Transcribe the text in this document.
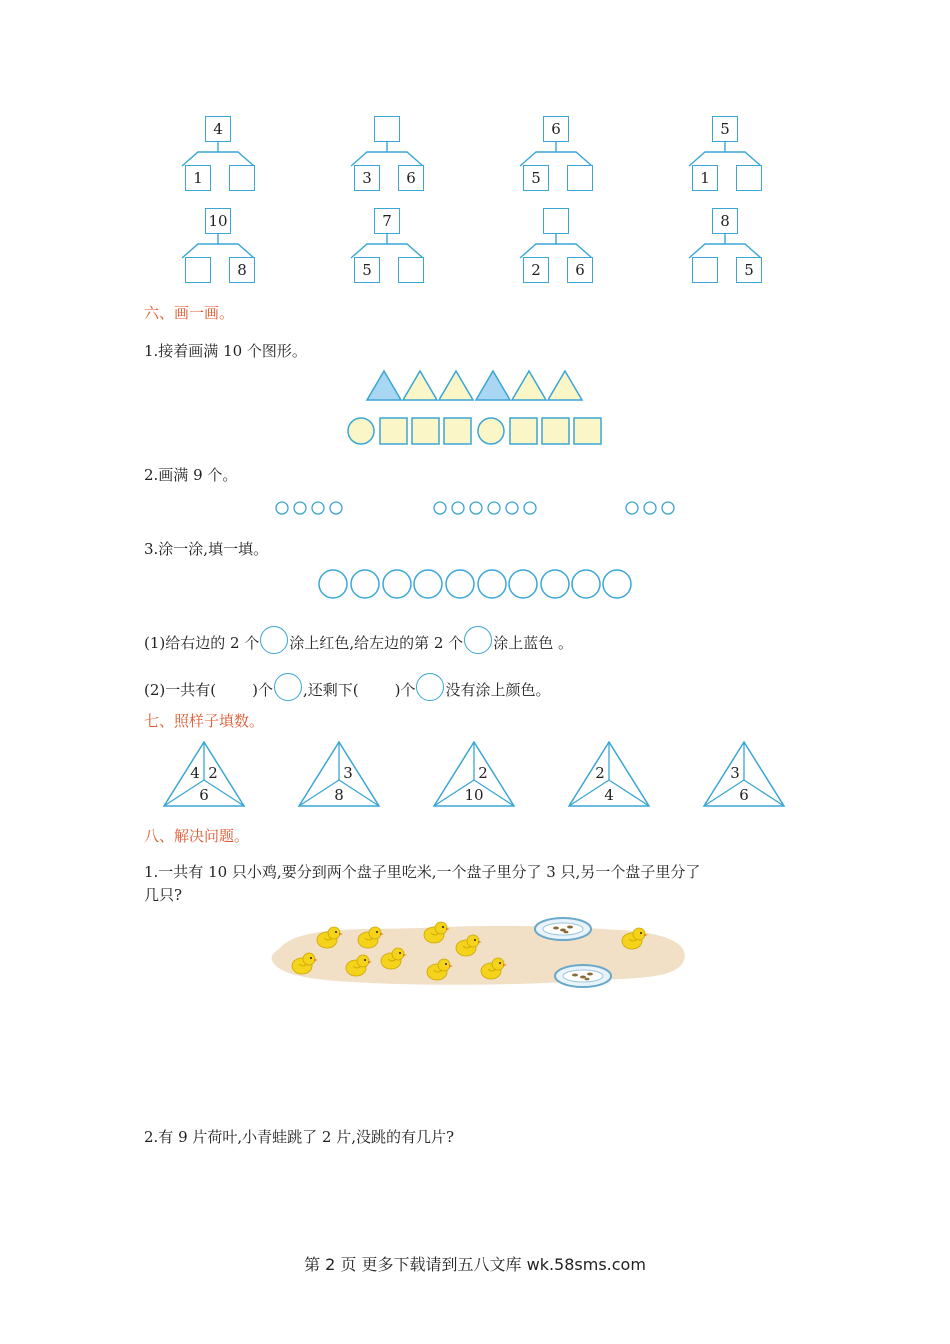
4
1	3	6
6
5
5
1
10
8
7
5	2	6
8
5
六、画一画。
1.接着画满 10 个图形。
2.画满 9 个。
3.涂一涂,填一填。
(1)给右边的 2 个 涂上红色,给左边的第 2 个 涂上蓝色 。
(2)一共有( )个 ,还剩下( )个 没有涂上颜色。
七、照样子填数。
4 2
6
3
8
2
10
2
4
3
6
八、解决问题。
1.一共有 10 只小鸡,要分到两个盘子里吃米,一个盘子里分了 3 只,另一个盘子里分了
几只?
2.有 9 片荷叶,小青蛙跳了 2 片,没跳的有几片?
第 2 页 更多下载请到五八文库 wk.58sms.com
